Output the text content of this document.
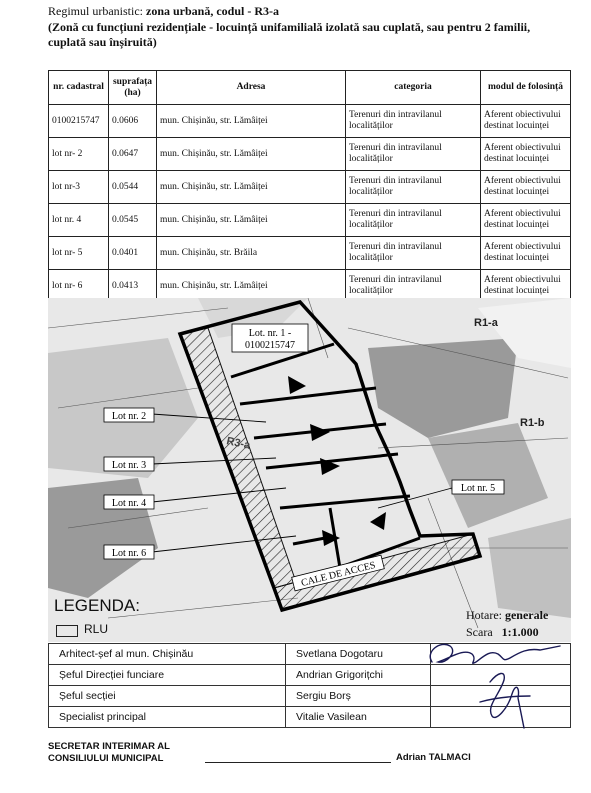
Regimul urbanistic: zona urbană, codul - R3-a
(Zonă cu funcțiuni rezidențiale - locuință unifamilială izolată sau cuplată, sau pentru 2 familii, cuplată sau înșiruită)
nr. cadastral	suprafața (ha)	Adresa	categoria	modul de folosință
0100215747	0.0606	mun. Chișinău, str. Lămâiței	Terenuri din intravilanul localităților	Aferent obiectivului destinat locuinței
lot nr- 2	0.0647	mun. Chișinău, str. Lămâiței	Terenuri din intravilanul localităților	Aferent obiectivului destinat locuinței
lot nr-3	0.0544	mun. Chișinău, str. Lămâiței	Terenuri din intravilanul localităților	Aferent obiectivului destinat locuinței
lot nr. 4	0.0545	mun. Chișinău, str. Lămâiței	Terenuri din intravilanul localităților	Aferent obiectivului destinat locuinței
lot nr- 5	0.0401	mun. Chișinău, str. Brăila	Terenuri din intravilanul localităților	Aferent obiectivului destinat locuinței
lot nr- 6	0.0413	mun. Chișinău, str. Lămâiței	Terenuri din intravilanul localităților	Aferent obiectivului destinat locuinței
Lot. nr. 1 -
0100215747
Lot nr. 2
Lot nr. 3
Lot nr. 4
Lot nr. 6
Lot nr. 5
R3-a
R1-a
R1-b
CALE DE ACCES
LEGENDA:
RLU
Hotare: generale
Scara 1:1.000
Arhitect-șef al mun. Chișinău	Svetlana Dogotaru	
Șeful Direcției funciare	Andrian Grigorițchi	
Șeful secției	Sergiu Borș	
Specialist principal	Vitalie Vasilean	
SECRETAR INTERIMAR AL
CONSILIULUI MUNICIPAL	Adrian TALMACI
